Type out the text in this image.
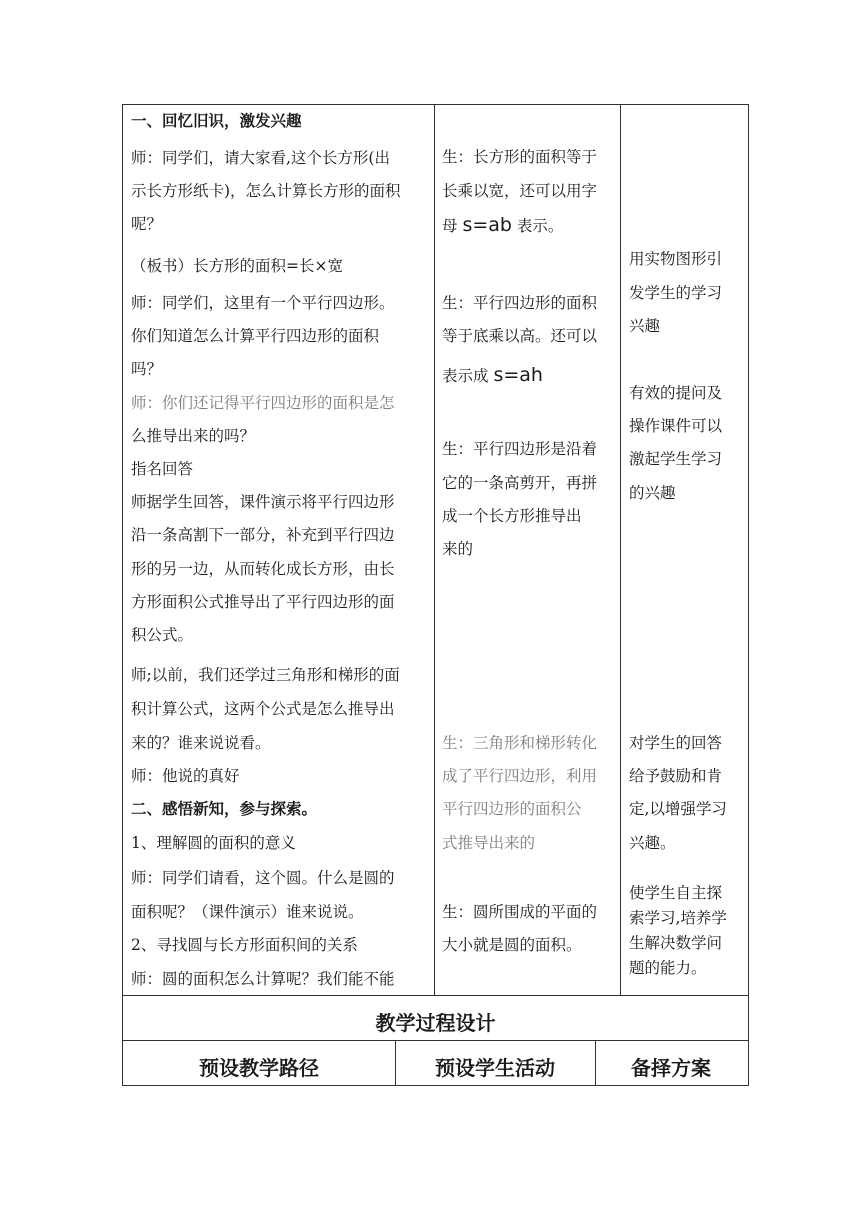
一、回忆旧识，激发兴趣
师：同学们，请大家看,这个长方形(出
示长方形纸卡)，怎么计算长方形的面积
呢？
（板书）长方形的面积=长×宽
师：同学们，这里有一个平行四边形。
你们知道怎么计算平行四边形的面积
吗？
师：你们还记得平行四边形的面积是怎
么推导出来的吗？
指名回答
师据学生回答，课件演示将平行四边形
沿一条高割下一部分，补充到平行四边
形的另一边，从而转化成长方形，由长
方形面积公式推导出了平行四边形的面
积公式。
师;以前，我们还学过三角形和梯形的面
积计算公式，这两个公式是怎么推导出
来的？谁来说说看。
师：他说的真好
二、感悟新知，参与探索。
1、理解圆的面积的意义
师：同学们请看，这个圆。什么是圆的
面积呢？（课件演示）谁来说说。
2、寻找圆与长方形面积间的关系
师：圆的面积怎么计算呢？我们能不能
生：长方形的面积等于
长乘以宽，还可以用字
母 s=ab 表示。
生：平行四边形的面积
等于底乘以高。还可以
表示成 s=ah
生：平行四边形是沿着
它的一条高剪开，再拼
成一个长方形推导出
来的
生：三角形和梯形转化
成了平行四边形，利用
平行四边形的面积公
式推导出来的
生：圆所围成的平面的
大小就是圆的面积。
用实物图形引
发学生的学习
兴趣
有效的提问及
操作课件可以
激起学生学习
的兴趣
对学生的回答
给予鼓励和肯
定,以增强学习
兴趣。
使学生自主探
索学习,培养学
生解决数学问
题的能力。
教学过程设计
预设教学路径	预设学生活动	备择方案
